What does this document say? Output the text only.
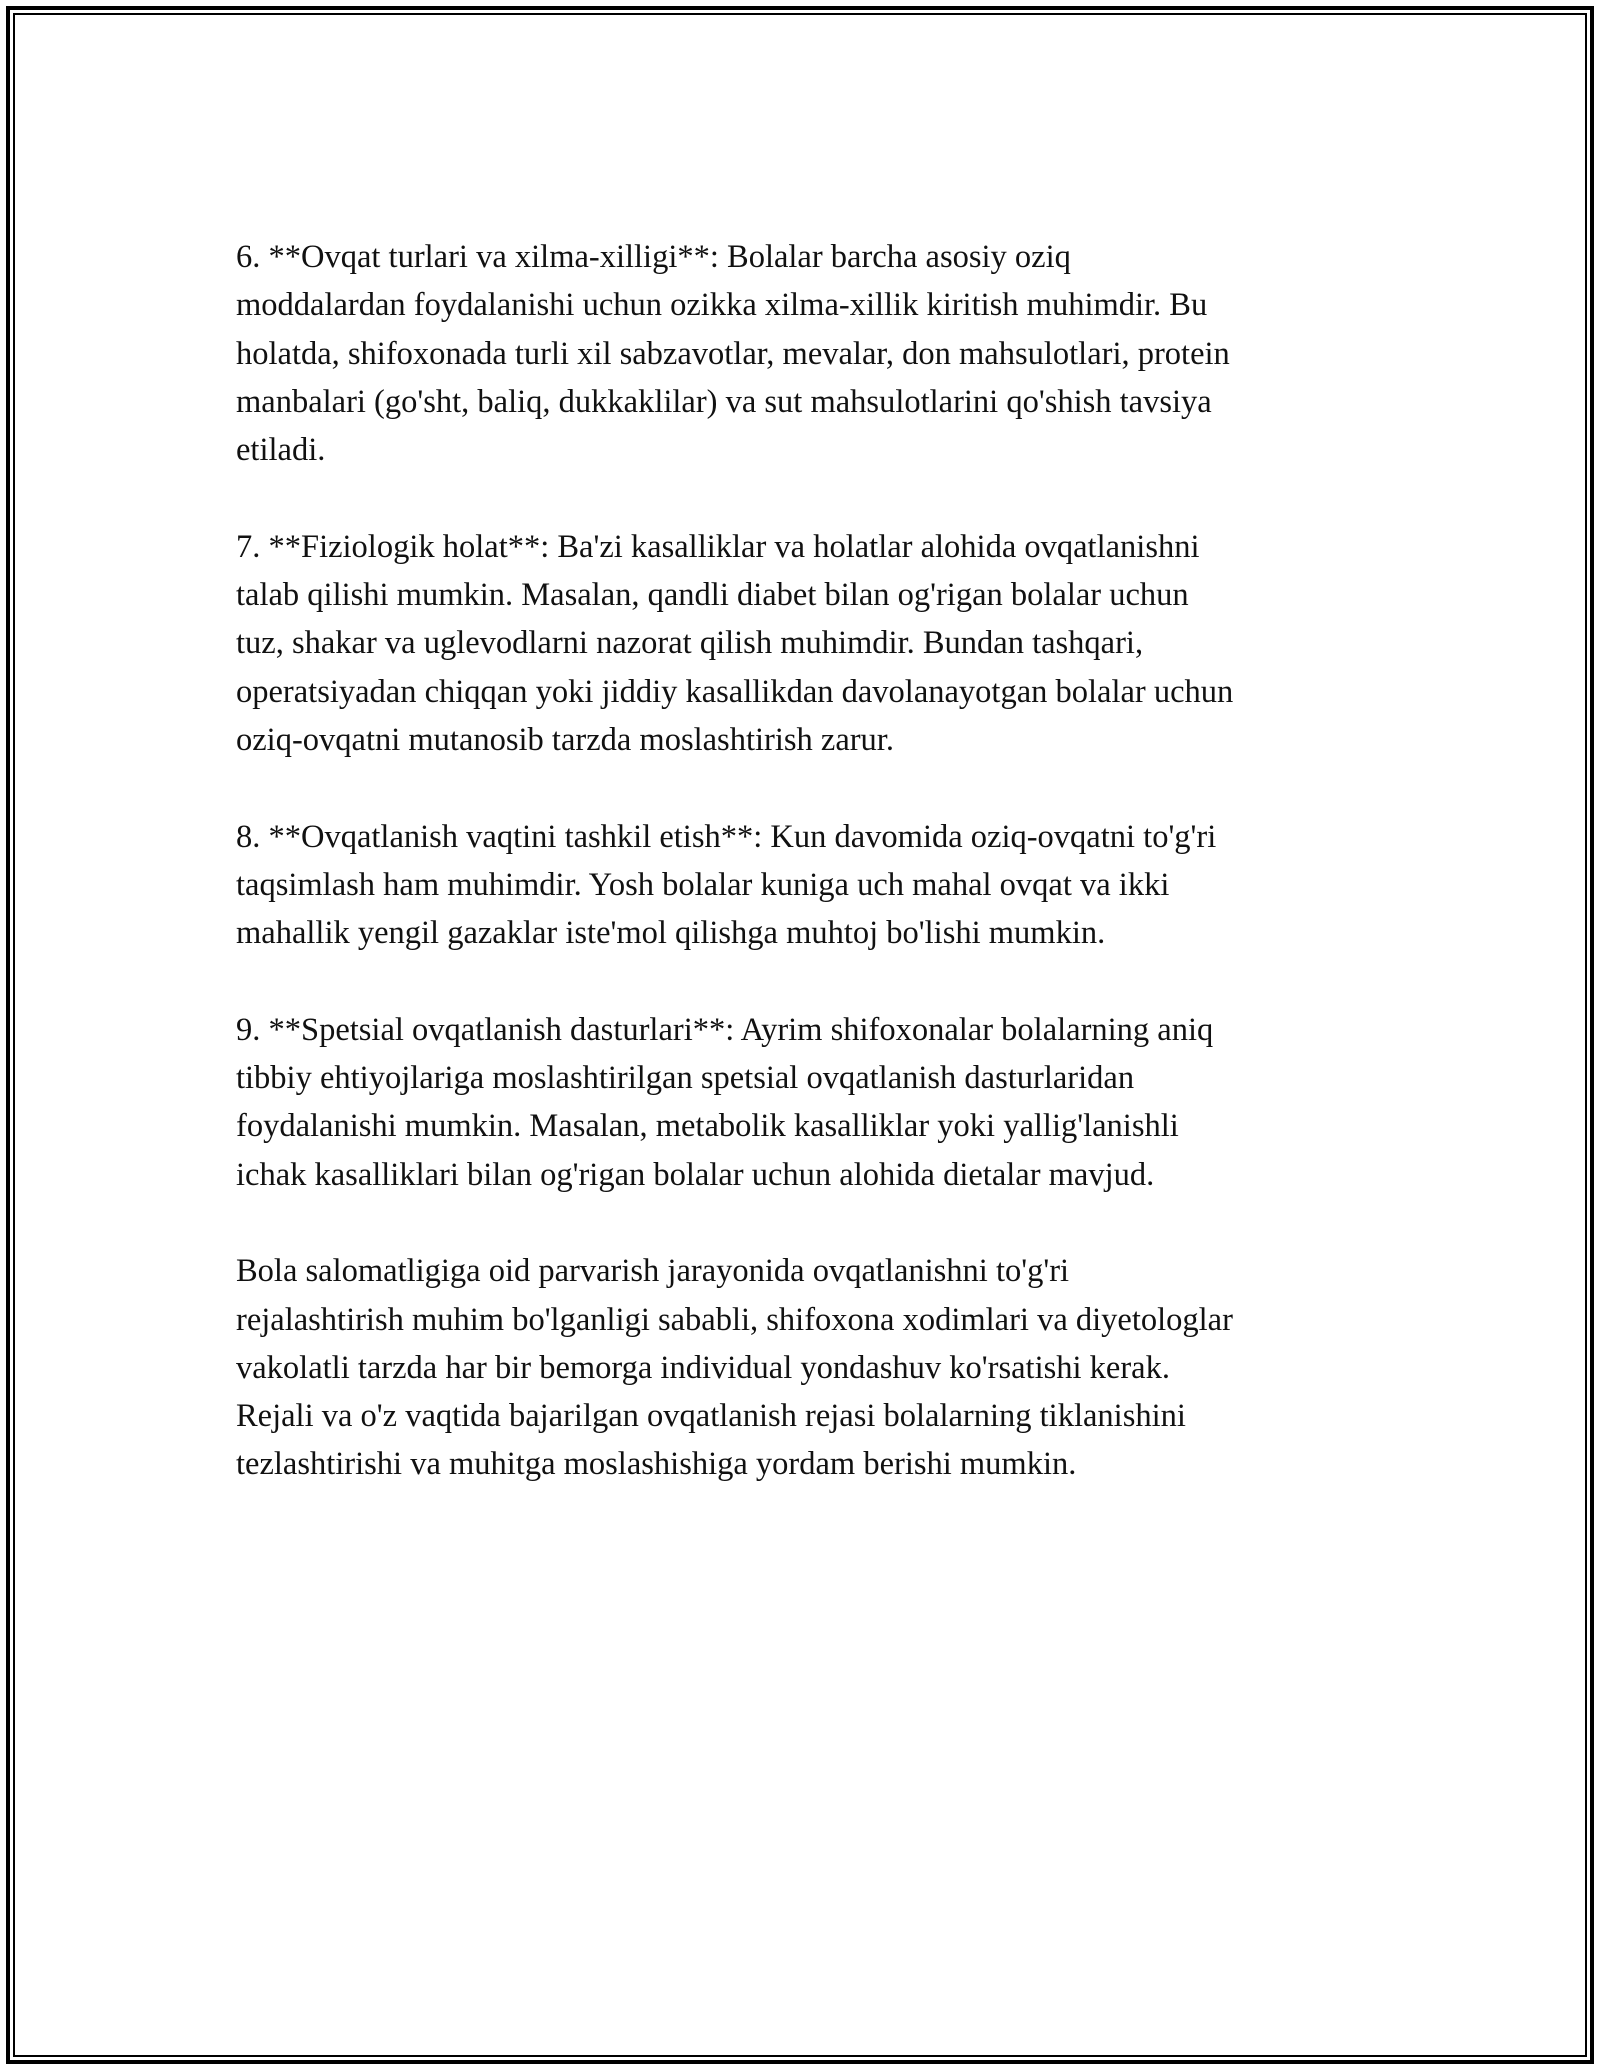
6. **Ovqat turlari va xilma-xilligi**: Bolalar barcha asosiy oziq
moddalardan foydalanishi uchun ozikka xilma-xillik kiritish muhimdir. Bu
holatda, shifoxonada turli xil sabzavotlar, mevalar, don mahsulotlari, protein
manbalari (go'sht, baliq, dukkaklilar) va sut mahsulotlarini qo'shish tavsiya
etiladi.

7. **Fiziologik holat**: Ba'zi kasalliklar va holatlar alohida ovqatlanishni
talab qilishi mumkin. Masalan, qandli diabet bilan og'rigan bolalar uchun
tuz, shakar va uglevodlarni nazorat qilish muhimdir. Bundan tashqari,
operatsiyadan chiqqan yoki jiddiy kasallikdan davolanayotgan bolalar uchun
oziq-ovqatni mutanosib tarzda moslashtirish zarur.

8. **Ovqatlanish vaqtini tashkil etish**: Kun davomida oziq-ovqatni to'g'ri
taqsimlash ham muhimdir. Yosh bolalar kuniga uch mahal ovqat va ikki
mahallik yengil gazaklar iste'mol qilishga muhtoj bo'lishi mumkin.

9. **Spetsial ovqatlanish dasturlari**: Ayrim shifoxonalar bolalarning aniq
tibbiy ehtiyojlariga moslashtirilgan spetsial ovqatlanish dasturlaridan
foydalanishi mumkin. Masalan, metabolik kasalliklar yoki yallig'lanishli
ichak kasalliklari bilan og'rigan bolalar uchun alohida dietalar mavjud.

Bola salomatligiga oid parvarish jarayonida ovqatlanishni to'g'ri
rejalashtirish muhim bo'lganligi sababli, shifoxona xodimlari va diyetologlar
vakolatli tarzda har bir bemorga individual yondashuv ko'rsatishi kerak.
Rejali va o'z vaqtida bajarilgan ovqatlanish rejasi bolalarning tiklanishini
tezlashtirishi va muhitga moslashishiga yordam berishi mumkin.
